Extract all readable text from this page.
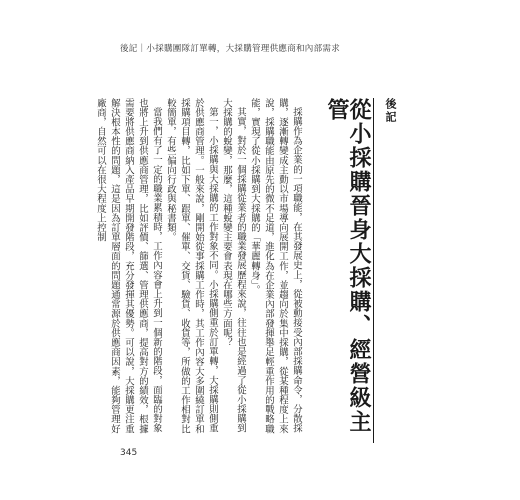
後記｜小採購團隊訂單轉，大採購管理供應商和內部需求
後記
從小採購晉身大採購、經營級主管

採購作為企業的一項職能，在其發展史上，從被動接受內部採購命令，分散採購，逐漸轉變成主動以市場導向展開工作，並趨向於集中採購，從某種程度上來說，採購職能由原先的微不足道，進化為在企業內部發揮舉足輕重作用的戰略職能，實現了從小採購到大採購的「華麗轉身」。

其實，對於一個採購從業者的職業發展歷程來說，往往也是經過了從小採購到大採購的蛻變，那麼，這種蛻變主要會表現在哪些方面呢？

第一，小採購與大採購的工作對象不同。小採購側重於訂單轉，大採購則側重於供應商管理。一般來說，剛開始從事採購工作時，其工作內容大多圍繞訂單和採購項目轉，比如下單、跟單、催單、交貨、驗貨、收貨等，所做的工作相對比較簡單，有些偏向行政與秘書類。

當我們有了一定的職業累積時，工作內容會上升到一個新的階段，面臨的對象也將上升到供應商管理，比如評價、篩選、管理供應商，提高對方的績效，根據需要將供應商納入產品早期開發階段，充分發揮其優勢。可以說，大採購更注重解決根本性的問題，這是因為訂單層面的問題通常源於供應商因素，能夠管理好廠商，自然可以在很大程度上控制

345
